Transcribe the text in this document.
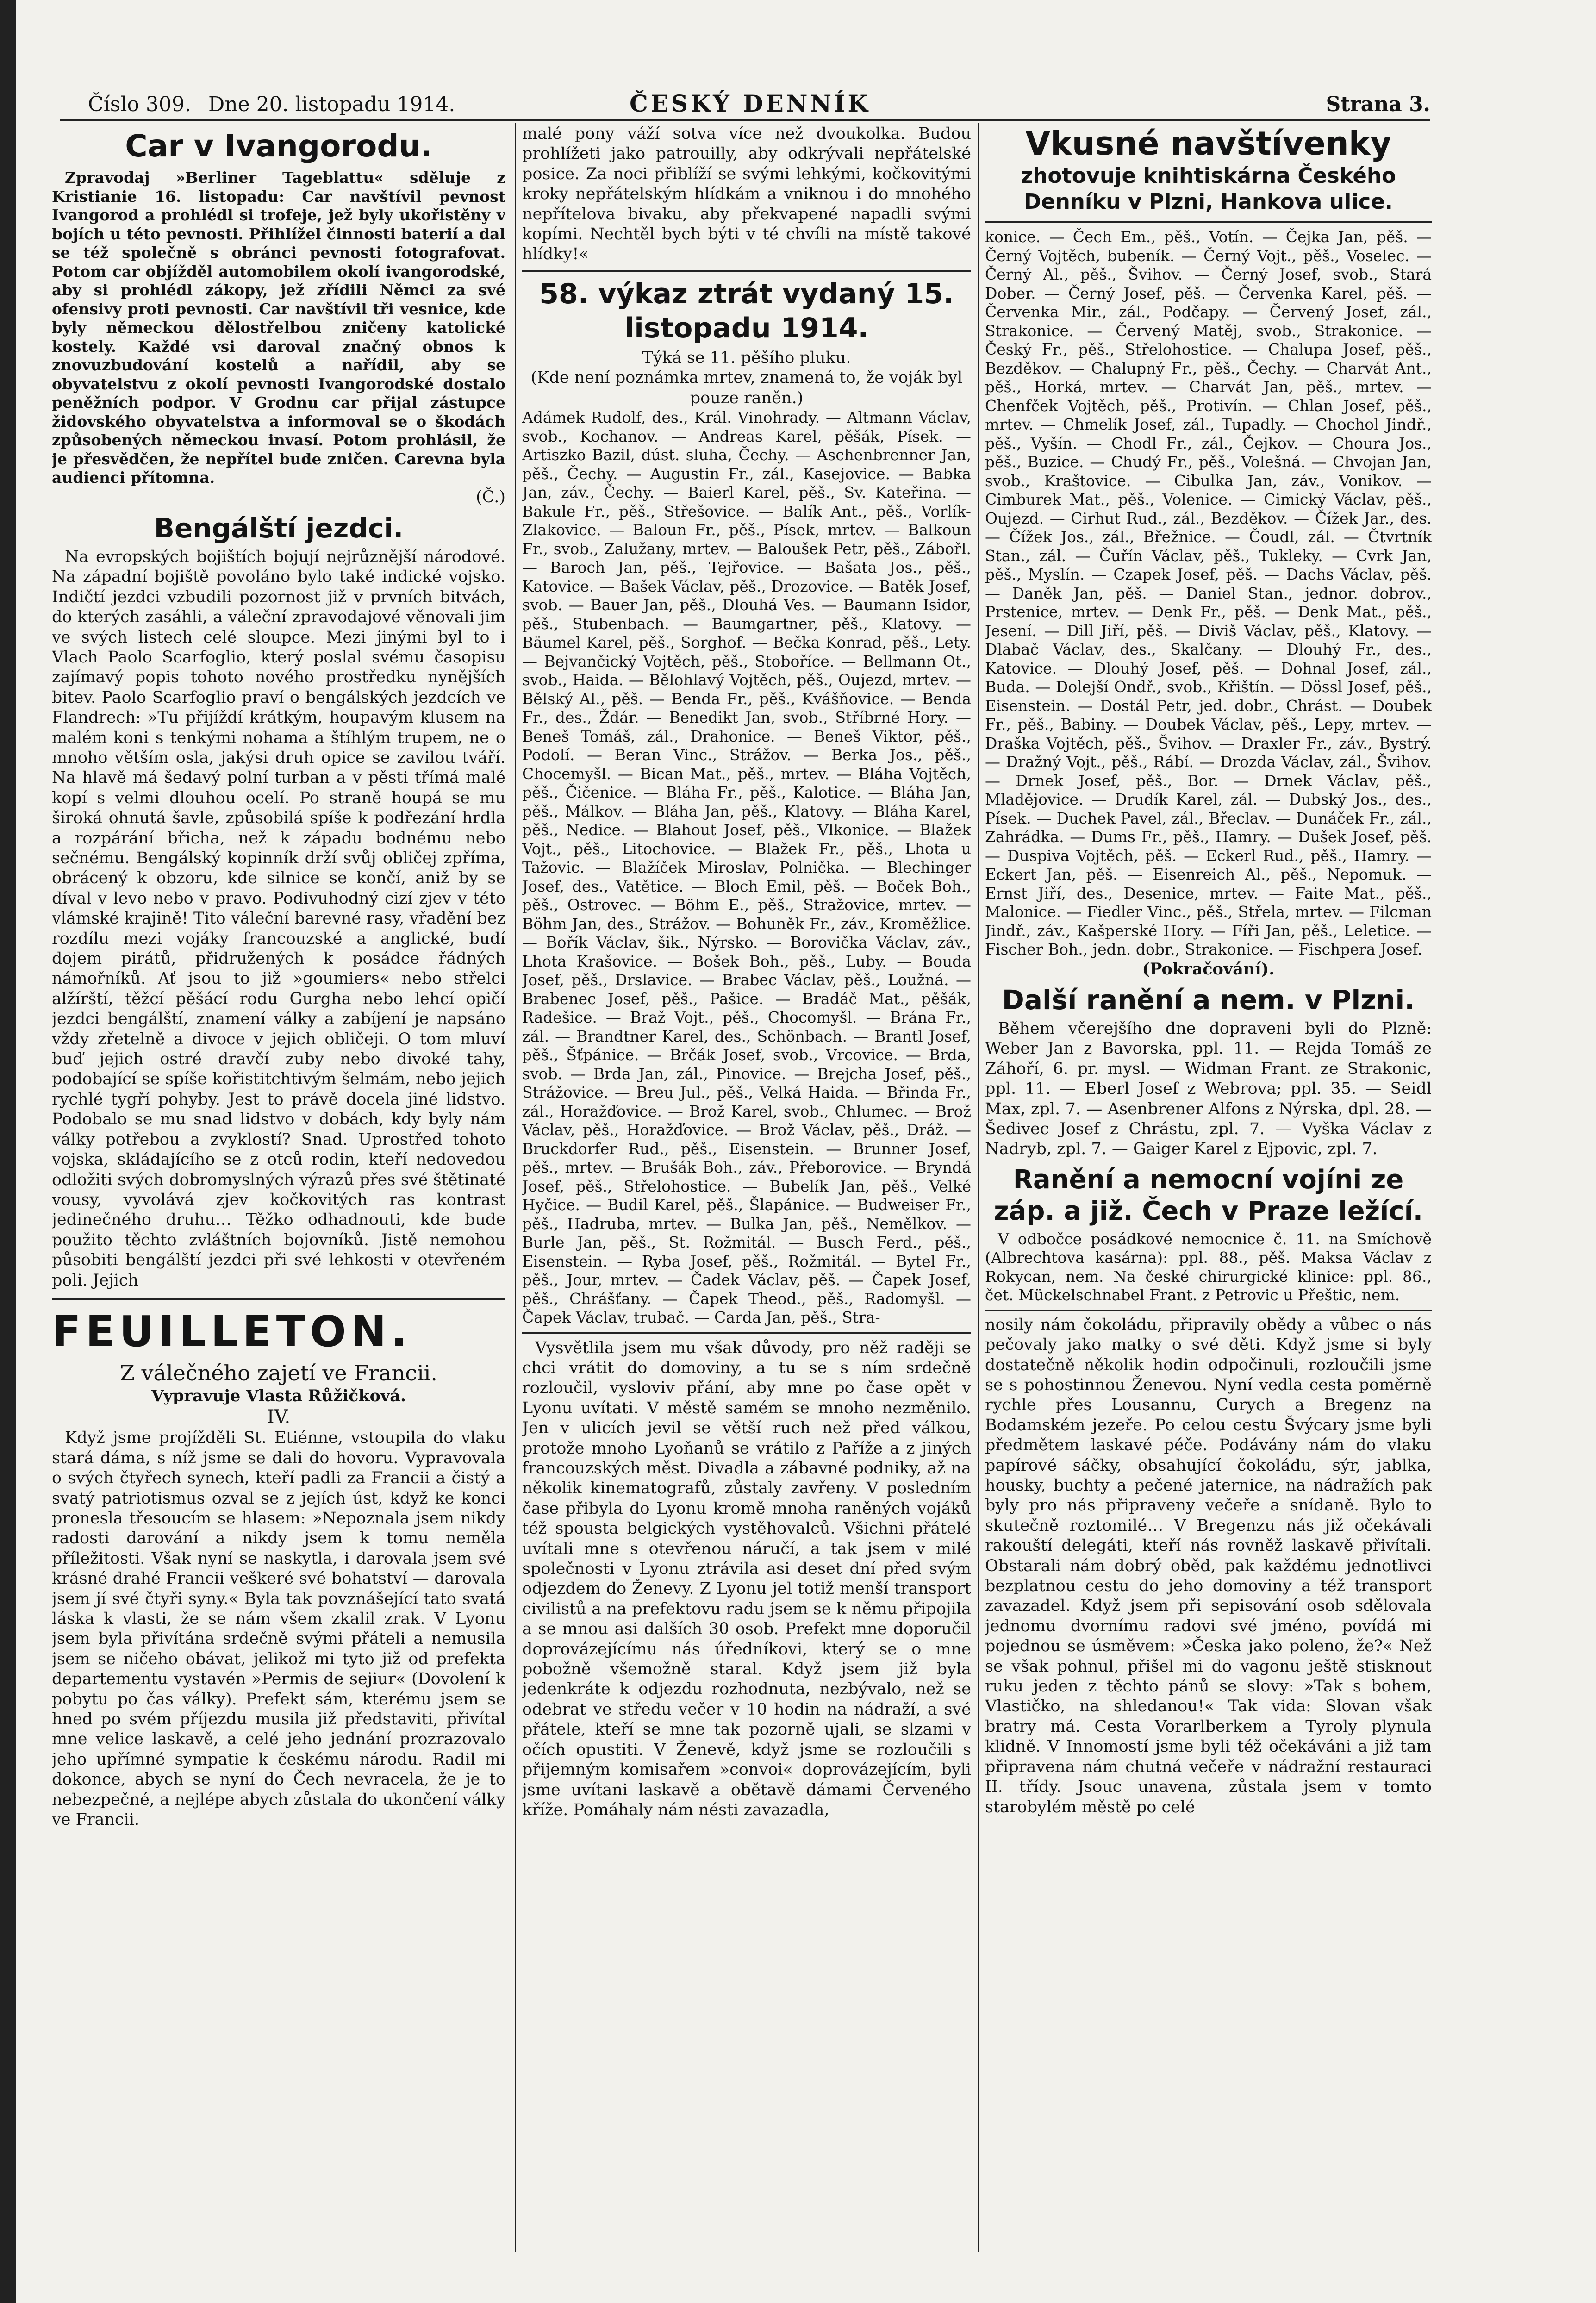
Číslo 309. Dne 20. listopadu 1914.	ČESKÝ DENNÍK	Strana 3.
Car v Ivangorodu.

Zpravodaj »Berliner Tageblattu« sděluje z Kristianie 16. listopadu: Car navštívil pevnost Ivangorod a prohlédl si trofeje, jež byly ukořistěny v bojích u této pevnosti. Přihlížel činnosti baterií a dal se též společně s obránci pevnosti fotografovat. Potom car objížděl automobilem okolí ivangorodské, aby si prohlédl zákopy, jež zřídili Němci za své ofensivy proti pevnosti. Car navštívil tři vesnice, kde byly německou dělostřelbou zničeny katolické kostely. Každé vsi daroval značný obnos k znovuzbudování kostelů a nařídil, aby se obyvatelstvu z okolí pevnosti Ivangorodské dostalo peněžních podpor. V Grodnu car přijal zástupce židovského obyvatelstva a informoval se o škodách způsobených německou invasí. Potom prohlásil, že je přesvědčen, že nepřítel bude zničen. Carevna byla audienci přítomna.

(Č.)
Bengálští jezdci.

Na evropských bojištích bojují nejrůznější národové. Na západní bojiště povoláno bylo také indické vojsko. Indičtí jezdci vzbudili pozornost již v prvních bitvách, do kterých zasáhli, a váleční zpravodajové věnovali jim ve svých listech celé sloupce. Mezi jinými byl to i Vlach Paolo Scarfoglio, který poslal svému časopisu zajímavý popis tohoto nového prostředku nynějších bitev. Paolo Scarfoglio praví o bengálských jezdcích ve Flandrech: »Tu přijíždí krátkým, houpavým klusem na malém koni s tenkými nohama a štíhlým trupem, ne o mnoho větším osla, jakýsi druh opice se zavilou tváří. Na hlavě má šedavý polní turban a v pěsti třímá malé kopí s velmi dlouhou ocelí. Po straně houpá se mu široká ohnutá šavle, způsobilá spíše k podřezání hrdla a rozpárání břicha, než k západu bodnému nebo sečnému. Bengálský kopinník drží svůj obličej zpříma, obrácený k obzoru, kde silnice se končí, aniž by se díval v levo nebo v pravo. Podivuhodný cizí zjev v této vlámské krajině! Tito váleční barevné rasy, vřadění bez rozdílu mezi vojáky francouzské a anglické, budí dojem pirátů, přidružených k posádce řádných námořníků. Ať jsou to již »goumiers« nebo střelci alžírští, těžcí pěšácí rodu Gurgha nebo lehcí opičí jezdci bengálští, znamení války a zabíjení je napsáno vždy zřetelně a divoce v jejich obličeji. O tom mluví buď jejich ostré dravčí zuby nebo divoké tahy, podobající se spíše kořistitchtivým šelmám, nebo jejich rychlé tygří pohyby. Jest to právě docela jiné lidstvo. Podobalo se mu snad lidstvo v dobách, kdy byly nám války potřebou a zvyklostí? Snad. Uprostřed tohoto vojska, skládajícího se z otců rodin, kteří nedovedou odložiti svých dobromyslných výrazů přes své štětinaté vousy, vyvolává zjev kočkovitých ras kontrast jedinečného druhu… Těžko odhadnouti, kde bude použito těchto zvláštních bojovníků. Jistě nemohou působiti bengálští jezdci při své lehkosti v otevřeném poli. Jejich

FEUILLETON.
Z válečného zajetí ve Francii.
Vypravuje Vlasta Růžičková.
IV.

Když jsme projížděli St. Etiénne, vstoupila do vlaku stará dáma, s níž jsme se dali do hovoru. Vypravovala o svých čtyřech synech, kteří padli za Francii a čistý a svatý patriotismus ozval se z jejích úst, když ke konci pronesla třesoucím se hlasem: »Nepoznala jsem nikdy radosti darování a nikdy jsem k tomu neměla příležitosti. Však nyní se naskytla, i darovala jsem své krásné drahé Francii veškeré své bohatství — darovala jsem jí své čtyři syny.« Byla tak povznášející tato svatá láska k vlasti, že se nám všem zkalil zrak. V Lyonu jsem byla přivítána srdečně svými přáteli a nemusila jsem se ničeho obávat, jelikož mi tyto již od prefekta departementu vystavén »Permis de sejiur« (Dovolení k pobytu po čas války). Prefekt sám, kterému jsem se hned po svém příjezdu musila již představiti, přivítal mne velice laskavě, a celé jeho jednání prozrazovalo jeho upřímné sympatie k českému národu. Radil mi dokonce, abych se nyní do Čech nevracela, že je to nebezpečné, a nejlépe abych zůstala do ukončení války ve Francii.

malé pony váží sotva více než dvoukolka. Budou prohlížeti jako patrouilly, aby odkrývali nepřátelské posice. Za noci přiblíží se svými lehkými, kočkovitými kroky nepřátelským hlídkám a vniknou i do mnohého nepřítelova bivaku, aby překvapené napadli svými kopími. Nechtěl bych býti v té chvíli na místě takové hlídky!«

58. výkaz ztrát vydaný 15. listopadu 1914.
Týká se 11. pěšího pluku.
(Kde není poznámka mrtev, znamená to, že voják byl pouze raněn.)

Adámek Rudolf, des., Král. Vinohrady. — Altmann Václav, svob., Kochanov. — Andreas Karel, pěšák, Písek. — Artiszko Bazil, dúst. sluha, Čechy. — Aschenbrenner Jan, pěš., Čechy. — Augustin Fr., zál., Kasejovice. — Babka Jan, záv., Čechy. — Baierl Karel, pěš., Sv. Kateřina. — Bakule Fr., pěš., Střešovice. — Balík Ant., pěš., Vorlík-Zlakovice. — Baloun Fr., pěš., Písek, mrtev. — Balkoun Fr., svob., Zalužany, mrtev. — Baloušek Petr, pěš., Zábořl. — Baroch Jan, pěš., Tejřovice. — Bašata Jos., pěš., Katovice. — Bašek Václav, pěš., Drozovice. — Batěk Josef, svob. — Bauer Jan, pěš., Dlouhá Ves. — Baumann Isidor, pěš., Stubenbach. — Baumgartner, pěš., Klatovy. — Bäumel Karel, pěš., Sorghof. — Bečka Konrad, pěš., Lety. — Bejvančický Vojtěch, pěš., Stoboříce. — Bellmann Ot., svob., Haida. — Bělohlavý Vojtěch, pěš., Oujezd, mrtev. — Bělský Al., pěš. — Benda Fr., pěš., Kvášňovice. — Benda Fr., des., Ždár. — Benedikt Jan, svob., Stříbrné Hory. — Beneš Tomáš, zál., Drahonice. — Beneš Viktor, pěš., Podolí. — Beran Vinc., Strážov. — Berka Jos., pěš., Chocemyšl. — Bican Mat., pěš., mrtev. — Bláha Vojtěch, pěš., Čičenice. — Bláha Fr., pěš., Kalotice. — Bláha Jan, pěš., Málkov. — Bláha Jan, pěš., Klatovy. — Bláha Karel, pěš., Nedice. — Blahout Josef, pěš., Vlkonice. — Blažek Vojt., pěš., Litochovice. — Blažek Fr., pěš., Lhota u Tažovic. — Blažíček Miroslav, Polnička. — Blechinger Josef, des., Vatětice. — Bloch Emil, pěš. — Boček Boh., pěš., Ostrovec. — Böhm E., pěš., Stražovice, mrtev. — Böhm Jan, des., Strážov. — Bohuněk Fr., záv., Kroměžlice. — Bořík Václav, šik., Nýrsko. — Borovička Václav, záv., Lhota Krašovice. — Bošek Boh., pěš., Luby. — Bouda Josef, pěš., Drslavice. — Brabec Václav, pěš., Loužná. — Brabenec Josef, pěš., Pašice. — Bradáč Mat., pěšák, Radešice. — Braž Vojt., pěš., Chocomyšl. — Brána Fr., zál. — Brandtner Karel, des., Schönbach. — Brantl Josef, pěš., Šťpánice. — Brčák Josef, svob., Vrcovice. — Brda, svob. — Brda Jan, zál., Pinovice. — Brejcha Josef, pěš., Strážovice. — Breu Jul., pěš., Velká Haida. — Břinda Fr., zál., Horažďovice. — Brož Karel, svob., Chlumec. — Brož Václav, pěš., Horažďovice. — Brož Václav, pěš., Dráž. — Bruckdorfer Rud., pěš., Eisenstein. — Brunner Josef, pěš., mrtev. — Brušák Boh., záv., Přeborovice. — Bryndá Josef, pěš., Střelohostice. — Bubelík Jan, pěš., Velké Hyčice. — Budil Karel, pěš., Šlapánice. — Budweiser Fr., pěš., Hadruba, mrtev. — Bulka Jan, pěš., Nemělkov. — Burle Jan, pěš., St. Rožmitál. — Busch Ferd., pěš., Eisenstein. — Ryba Josef, pěš., Rožmitál. — Bytel Fr., pěš., Jour, mrtev. — Čadek Václav, pěš. — Čapek Josef, pěš., Chrášťany. — Čapek Theod., pěš., Radomyšl. — Čapek Václav, trubač. — Carda Jan, pěš., Stra-

Vysvětlila jsem mu však důvody, pro něž raději se chci vrátit do domoviny, a tu se s ním srdečně rozloučil, vysloviv přání, aby mne po čase opět v Lyonu uvítati. V městě samém se mnoho nezměnilo. Jen v ulicích jevil se větší ruch než před válkou, protože mnoho Lyoňanů se vrátilo z Paříže a z jiných francouzských měst. Divadla a zábavné podniky, až na několik kinematografů, zůstaly zavřeny. V posledním čase přibyla do Lyonu kromě mnoha raněných vojáků též spousta belgických vystěhovalců. Všichni přátelé uvítali mne s otevřenou náručí, a tak jsem v milé společnosti v Lyonu ztrávila asi deset dní před svým odjezdem do Ženevy. Z Lyonu jel totiž menší transport civilistů a na prefektovu radu jsem se k němu připojila a se mnou asi dalších 30 osob. Prefekt mne doporučil doprovázejícímu nás úředníkovi, který se o mne pobožně všemožně staral. Když jsem již byla jedenkráte k odjezdu rozhodnuta, nezbývalo, než se odebrat ve středu večer v 10 hodin na nádraží, a své přátele, kteří se mne tak pozorně ujali, se slzami v očích opustiti. V Ženevě, když jsme se rozloučili s přijemným komisařem »convoi« doprovázejícím, byli jsme uvítani laskavě a obětavě dámami Červeného kříže. Pomáhaly nám nésti zavazadla,

Vkusné navštívenky
zhotovuje knihtiskárna Českého Denníku v Plzni, Hankova ulice.

konice. — Čech Em., pěš., Votín. — Čejka Jan, pěš. — Černý Vojtěch, bubeník. — Černý Vojt., pěš., Voselec. — Černý Al., pěš., Švihov. — Černý Josef, svob., Stará Dober. — Černý Josef, pěš. — Červenka Karel, pěš. — Červenka Mir., zál., Podčapy. — Červený Josef, zál., Strakonice. — Červený Matěj, svob., Strakonice. — Český Fr., pěš., Střelohostice. — Chalupa Josef, pěš., Bezděkov. — Chalupný Fr., pěš., Čechy. — Charvát Ant., pěš., Horká, mrtev. — Charvát Jan, pěš., mrtev. — Chenfček Vojtěch, pěš., Protivín. — Chlan Josef, pěš., mrtev. — Chmelík Josef, zál., Tupadly. — Chochol Jindř., pěš., Vyšín. — Chodl Fr., zál., Čejkov. — Choura Jos., pěš., Buzice. — Chudý Fr., pěš., Volešná. — Chvojan Jan, svob., Kraštovice. — Cibulka Jan, záv., Vonikov. — Cimburek Mat., pěš., Volenice. — Cimický Václav, pěš., Oujezd. — Cirhut Rud., zál., Bezděkov. — Čížek Jar., des. — Čížek Jos., zál., Břežnice. — Čoudl, zál. — Čtvrtník Stan., zál. — Čuřín Václav, pěš., Tukleky. — Cvrk Jan, pěš., Myslín. — Czapek Josef, pěš. — Dachs Václav, pěš. — Daněk Jan, pěš. — Daniel Stan., jednor. dobrov., Prstenice, mrtev. — Denk Fr., pěš. — Denk Mat., pěš., Jesení. — Dill Jiří, pěš. — Diviš Václav, pěš., Klatovy. — Dlabač Václav, des., Skalčany. — Dlouhý Fr., des., Katovice. — Dlouhý Josef, pěš. — Dohnal Josef, zál., Buda. — Dolejší Ondř., svob., Křištín. — Dössl Josef, pěš., Eisenstein. — Dostál Petr, jed. dobr., Chrást. — Doubek Fr., pěš., Babiny. — Doubek Václav, pěš., Lepy, mrtev. — Draška Vojtěch, pěš., Švihov. — Draxler Fr., záv., Bystrý. — Dražný Vojt., pěš., Rábí. — Drozda Václav, zál., Švihov. — Drnek Josef, pěš., Bor. — Drnek Václav, pěš., Mladějovice. — Drudík Karel, zál. — Dubský Jos., des., Písek. — Duchek Pavel, zál., Břeclav. — Dunáček Fr., zál., Zahrádka. — Dums Fr., pěš., Hamry. — Dušek Josef, pěš. — Duspiva Vojtěch, pěš. — Eckerl Rud., pěš., Hamry. — Eckert Jan, pěš. — Eisenreich Al., pěš., Nepomuk. — Ernst Jiří, des., Desenice, mrtev. — Faite Mat., pěš., Malonice. — Fiedler Vinc., pěš., Střela, mrtev. — Filcman Jindř., záv., Kašperské Hory. — Fíři Jan, pěš., Leletice. — Fischer Boh., jedn. dobr., Strakonice. — Fischpera Josef.

(Pokračování).
Další ranění a nem. v Plzni.

Během včerejšího dne dopraveni byli do Plzně: Weber Jan z Bavorska, ppl. 11. — Rejda Tomáš ze Záhoří, 6. pr. mysl. — Widman Frant. ze Strakonic, ppl. 11. — Eberl Josef z Webrova; ppl. 35. — Seidl Max, zpl. 7. — Asenbrener Alfons z Nýrska, dpl. 28. — Šedivec Josef z Chrástu, zpl. 7. — Vyška Václav z Nadryb, zpl. 7. — Gaiger Karel z Ejpovic, zpl. 7.

Ranění a nemocní vojíni ze záp. a již. Čech v Praze ležící.

V odbočce posádkové nemocnice č. 11. na Smíchově (Albrechtova kasárna): ppl. 88., pěš. Maksa Václav z Rokycan, nem. Na české chirurgické klinice: ppl. 86., čet. Mückelschnabel Frant. z Petrovic u Přeštic, nem.

nosily nám čokoládu, připravily obědy a vůbec o nás pečovaly jako matky o své děti. Když jsme si byly dostatečně několik hodin odpočinuli, rozloučili jsme se s pohostinnou Ženevou. Nyní vedla cesta poměrně rychle přes Lousannu, Curych a Bregenz na Bodamském jezeře. Po celou cestu Švýcary jsme byli předmětem laskavé péče. Podávány nám do vlaku papírové sáčky, obsahující čokoládu, sýr, jablka, housky, buchty a pečené jaternice, na nádražích pak byly pro nás připraveny večeře a snídaně. Bylo to skutečně roztomilé… V Bregenzu nás již očekávali rakouští delegáti, kteří nás rovněž laskavě přivítali. Obstarali nám dobrý oběd, pak každému jednotlivci bezplatnou cestu do jeho domoviny a též transport zavazadel. Když jsem při sepisování osob sdělovala jednomu dvornímu radovi své jméno, povídá mi pojednou se úsměvem: »Česka jako poleno, že?« Než se však pohnul, přišel mi do vagonu ještě stisknout ruku jeden z těchto pánů se slovy: »Tak s bohem, Vlastičko, na shledanou!« Tak vida: Slovan však bratry má. Cesta Vorarlberkem a Tyroly plynula klidně. V Innomostí jsme byli též očekáváni a již tam připravena nám chutná večeře v nádražní restauraci II. třídy. Jsouc unavena, zůstala jsem v tomto starobylém městě po celé
